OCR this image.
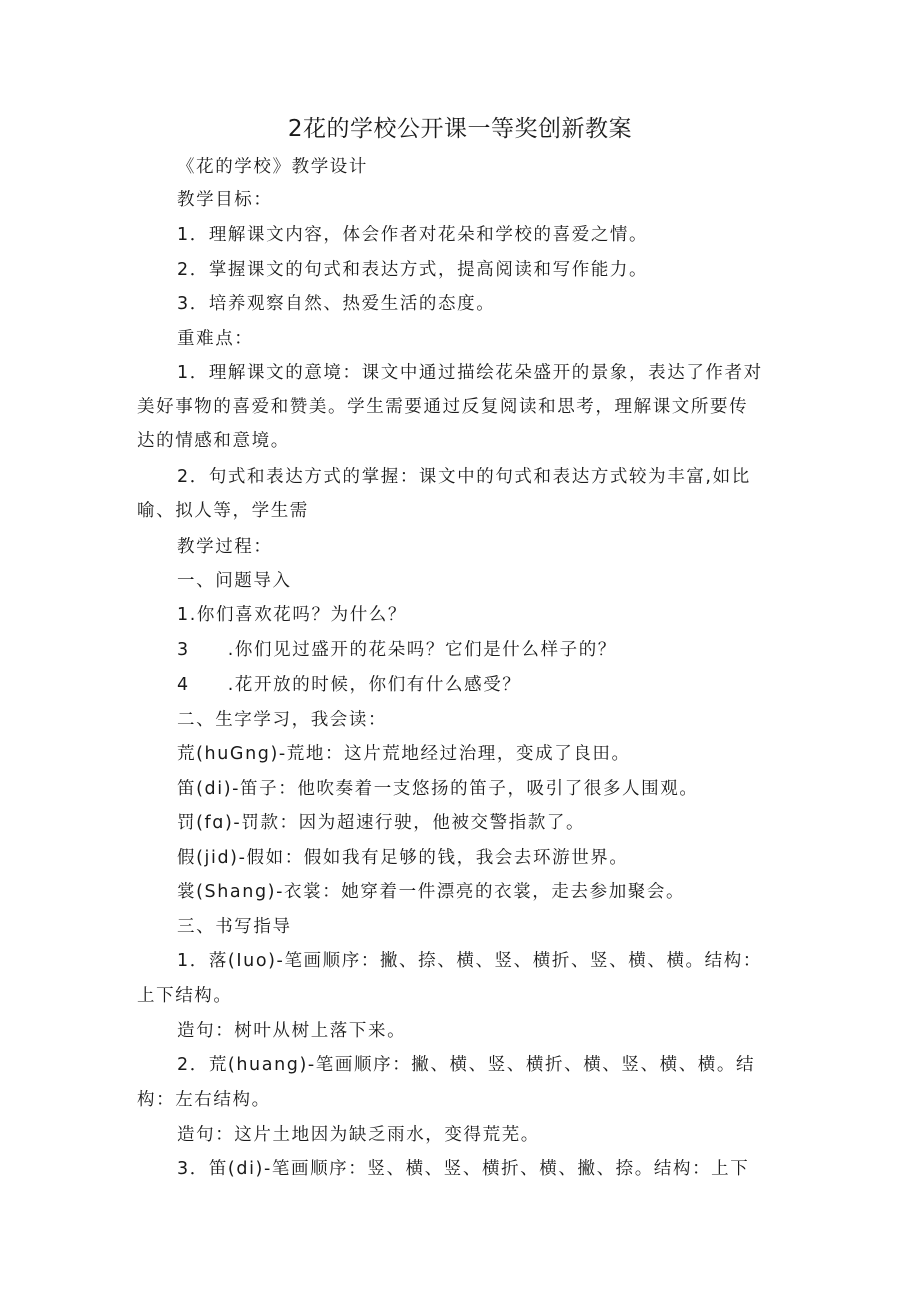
2花的学校公开课一等奖创新教案
《花的学校》教学设计
教学目标：
1．理解课文内容，体会作者对花朵和学校的喜爱之情。
2．掌握课文的句式和表达方式，提高阅读和写作能力。
3．培养观察自然、热爱生活的态度。
重难点：
1．理解课文的意境：课文中通过描绘花朵盛开的景象，表达了作者对
美好事物的喜爱和赞美。学生需要通过反复阅读和思考，理解课文所要传
达的情感和意境。
2．句式和表达方式的掌握：课文中的句式和表达方式较为丰富,如比
喻、拟人等，学生需
教学过程：
一、问题导入
1.你们喜欢花吗？为什么？
3 .你们见过盛开的花朵吗？它们是什么样子的？
4 .花开放的时候，你们有什么感受？
二、生字学习，我会读：
荒(huGng)-荒地：这片荒地经过治理，变成了良田。
笛(di)-笛子：他吹奏着一支悠扬的笛子，吸引了很多人围观。
罚(fɑ)-罚款：因为超速行驶，他被交警指款了。
假(jid)-假如：假如我有足够的钱，我会去环游世界。
裳(Shang)-衣裳：她穿着一件漂亮的衣裳，走去参加聚会。
三、书写指导
1．落(Iuo)-笔画顺序：撇、捺、横、竖、横折、竖、横、横。结构：
上下结构。
造句：树叶从树上落下来。
2．荒(huang)-笔画顺序：撇、横、竖、横折、横、竖、横、横。结
构：左右结构。
造句：这片土地因为缺乏雨水，变得荒芜。
3．笛(di)-笔画顺序：竖、横、竖、横折、横、撇、捺。结构：上下
